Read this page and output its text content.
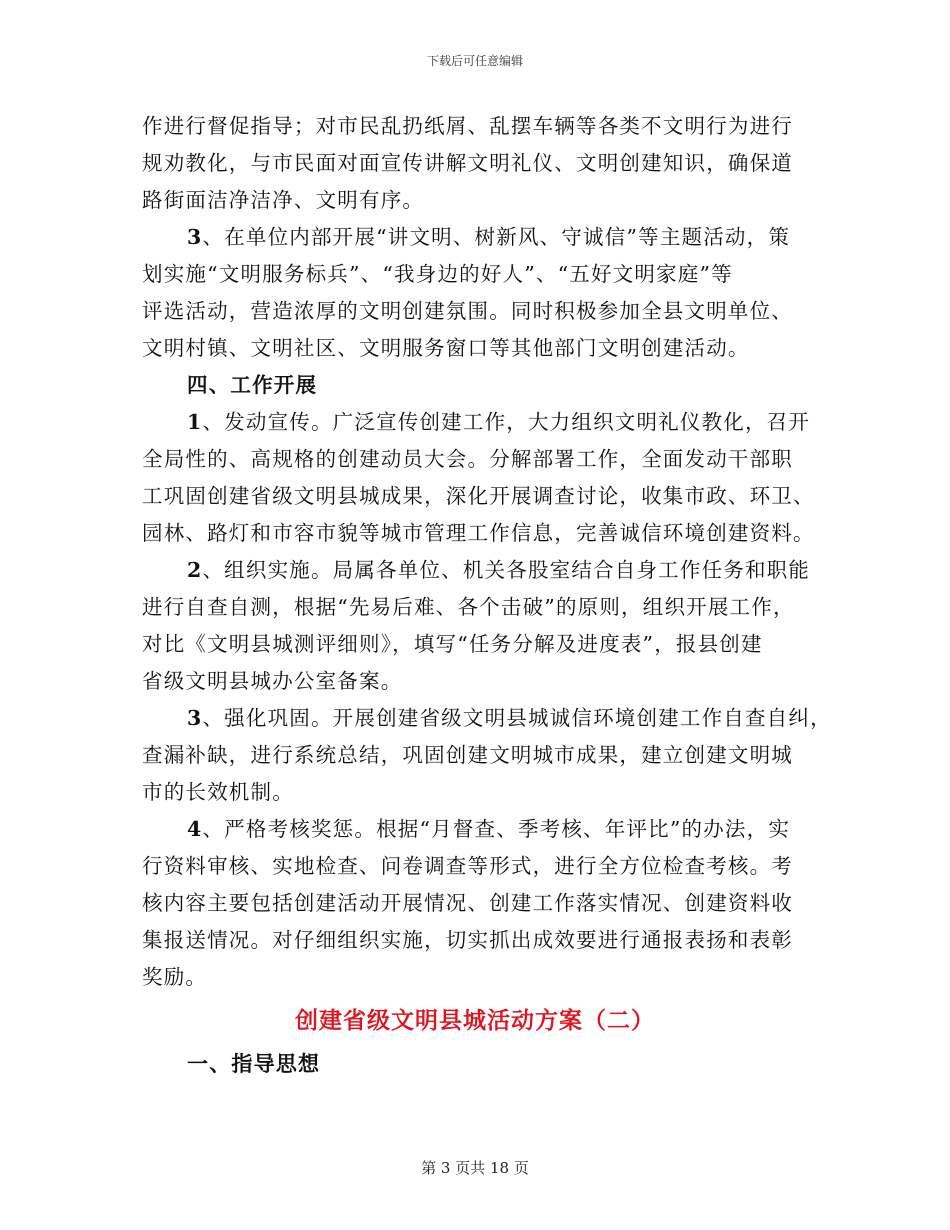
下载后可任意编辑
作进行督促指导；对市民乱扔纸屑、乱摆车辆等各类不文明行为进行
规劝教化，与市民面对面宣传讲解文明礼仪、文明创建知识，确保道
路街面洁净洁净、文明有序。
3、在单位内部开展“讲文明、树新风、守诚信”等主题活动，策
划实施“文明服务标兵”、“我身边的好人”、“五好文明家庭”等
评选活动，营造浓厚的文明创建氛围。同时积极参加全县文明单位、
文明村镇、文明社区、文明服务窗口等其他部门文明创建活动。
四、工作开展
1、发动宣传。广泛宣传创建工作，大力组织文明礼仪教化，召开
全局性的、高规格的创建动员大会。分解部署工作，全面发动干部职
工巩固创建省级文明县城成果，深化开展调查讨论，收集市政、环卫、
园林、路灯和市容市貌等城市管理工作信息，完善诚信环境创建资料。
2、组织实施。局属各单位、机关各股室结合自身工作任务和职能
进行自查自测，根据“先易后难、各个击破”的原则，组织开展工作，
对比《文明县城测评细则》，填写“任务分解及进度表”，报县创建
省级文明县城办公室备案。
3、强化巩固。开展创建省级文明县城诚信环境创建工作自查自纠，
查漏补缺，进行系统总结，巩固创建文明城市成果，建立创建文明城
市的长效机制。
4、严格考核奖惩。根据“月督查、季考核、年评比”的办法，实
行资料审核、实地检查、问卷调查等形式，进行全方位检查考核。考
核内容主要包括创建活动开展情况、创建工作落实情况、创建资料收
集报送情况。对仔细组织实施，切实抓出成效要进行通报表扬和表彰
奖励。
创建省级文明县城活动方案（二）
一、指导思想
第 3 页共 18 页
